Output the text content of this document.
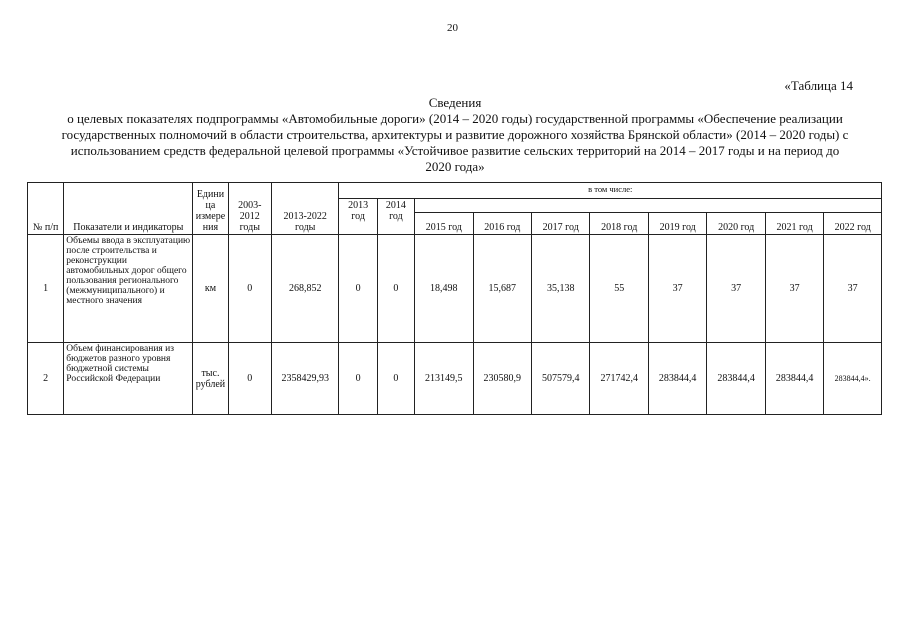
20
«Таблица 14
Сведения
о целевых показателях подпрограммы «Автомобильные дороги» (2014 – 2020 годы) государственной программы «Обеспечение реализации государственных полномочий в области строительства, архитектуры и развитие дорожного хозяйства Брянской области» (2014 – 2020 годы) с использованием средств федеральной целевой программы «Устойчивое развитие сельских территорий на 2014 – 2017 годы и на период до 2020 года»
№ п/п	Показатели и индикаторы	Едини ца измере ния	2003-2012 годы	2013-2022 годы	в том числе:									
					2013 год	2014 год								
							2015 год	2016 год	2017 год	2018 год	2019 год	2020 год	2021 год	2022 год
1	Объемы ввода в эксплуатацию после строительства и реконструкции автомобильных дорог общего пользования регионального (межмуниципального) и местного значения	км	0	268,852	0	0	18,498	15,687	35,138	55	37	37	37	37
2	Объем финансирования из бюджетов разного уровня бюджетной системы Российской Федерации	тыс. рублей	0	2358429,93	0	0	213149,5	230580,9	507579,4	271742,4	283844,4	283844,4	283844,4	283844,4».
